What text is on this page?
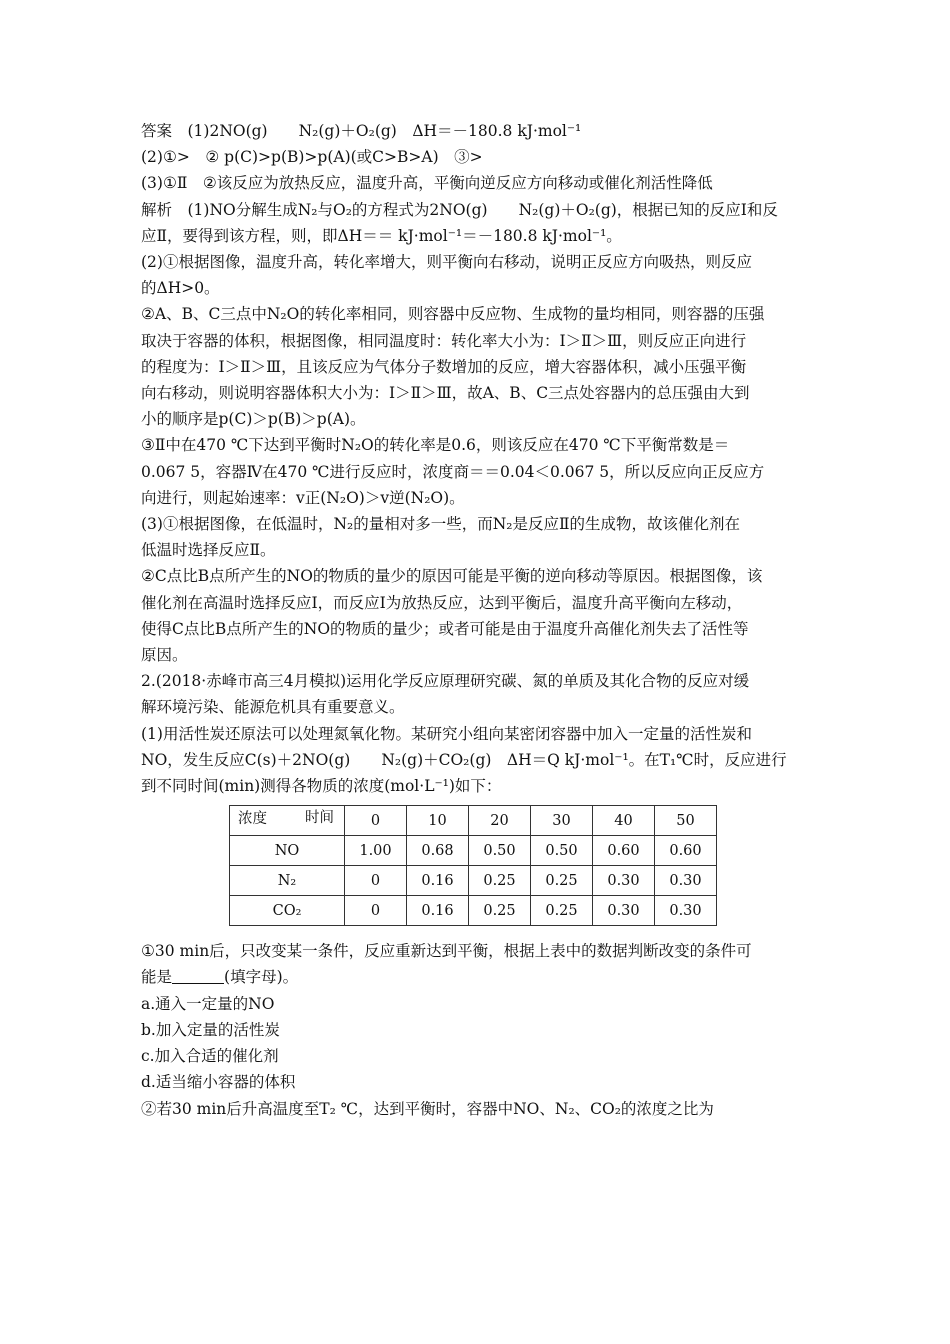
答案　(1)2NO(g)　　N₂(g)＋O₂(g)　ΔH＝－180.8 kJ·mol⁻¹
(2)①>　② p(C)>p(B)>p(A)(或C>B>A)　③>
(3)①Ⅱ　②该反应为放热反应，温度升高，平衡向逆反应方向移动或催化剂活性降低
解析　(1)NO分解生成N₂与O₂的方程式为2NO(g)　　N₂(g)＋O₂(g)，根据已知的反应Ⅰ和反
应Ⅱ，要得到该方程，则，即ΔH＝＝ kJ·mol⁻¹＝－180.8 kJ·mol⁻¹。
(2)①根据图像，温度升高，转化率增大，则平衡向右移动，说明正反应方向吸热，则反应
的ΔH>0。
②A、B、C三点中N₂O的转化率相同，则容器中反应物、生成物的量均相同，则容器的压强
取决于容器的体积，根据图像，相同温度时：转化率大小为：Ⅰ＞Ⅱ＞Ⅲ，则反应正向进行
的程度为：Ⅰ＞Ⅱ＞Ⅲ，且该反应为气体分子数增加的反应，增大容器体积，减小压强平衡
向右移动，则说明容器体积大小为：Ⅰ＞Ⅱ＞Ⅲ，故A、B、C三点处容器内的总压强由大到
小的顺序是p(C)＞p(B)＞p(A)。
③Ⅱ中在470 ℃下达到平衡时N₂O的转化率是0.6，则该反应在470 ℃下平衡常数是＝
0.067 5，容器Ⅳ在470 ℃进行反应时，浓度商＝＝0.04＜0.067 5，所以反应向正反应方
向进行，则起始速率：v正(N₂O)＞v逆(N₂O)。
(3)①根据图像，在低温时，N₂的量相对多一些，而N₂是反应Ⅱ的生成物，故该催化剂在
低温时选择反应Ⅱ。
②C点比B点所产生的NO的物质的量少的原因可能是平衡的逆向移动等原因。根据图像，该
催化剂在高温时选择反应Ⅰ，而反应Ⅰ为放热反应，达到平衡后，温度升高平衡向左移动，
使得C点比B点所产生的NO的物质的量少；或者可能是由于温度升高催化剂失去了活性等
原因。
2.(2018·赤峰市高三4月模拟)运用化学反应原理研究碳、氮的单质及其化合物的反应对缓
解环境污染、能源危机具有重要意义。
(1)用活性炭还原法可以处理氮氧化物。某研究小组向某密闭容器中加入一定量的活性炭和
NO，发生反应C(s)＋2NO(g)　　N₂(g)＋CO₂(g)　ΔH＝Q kJ·mol⁻¹。在T₁℃时，反应进行
到不同时间(min)测得各物质的浓度(mol·L⁻¹)如下：
时间
浓度	0	10	20	30	40	50
NO	1.00	0.68	0.50	0.50	0.60	0.60
N₂	0	0.16	0.25	0.25	0.30	0.30
CO₂	0	0.16	0.25	0.25	0.30	0.30
①30 min后，只改变某一条件，反应重新达到平衡，根据上表中的数据判断改变的条件可
能是	(填字母)。
a.通入一定量的NO
b.加入定量的活性炭
c.加入合适的催化剂
d.适当缩小容器的体积
②若30 min后升高温度至T₂ ℃，达到平衡时，容器中NO、N₂、CO₂的浓度之比为
